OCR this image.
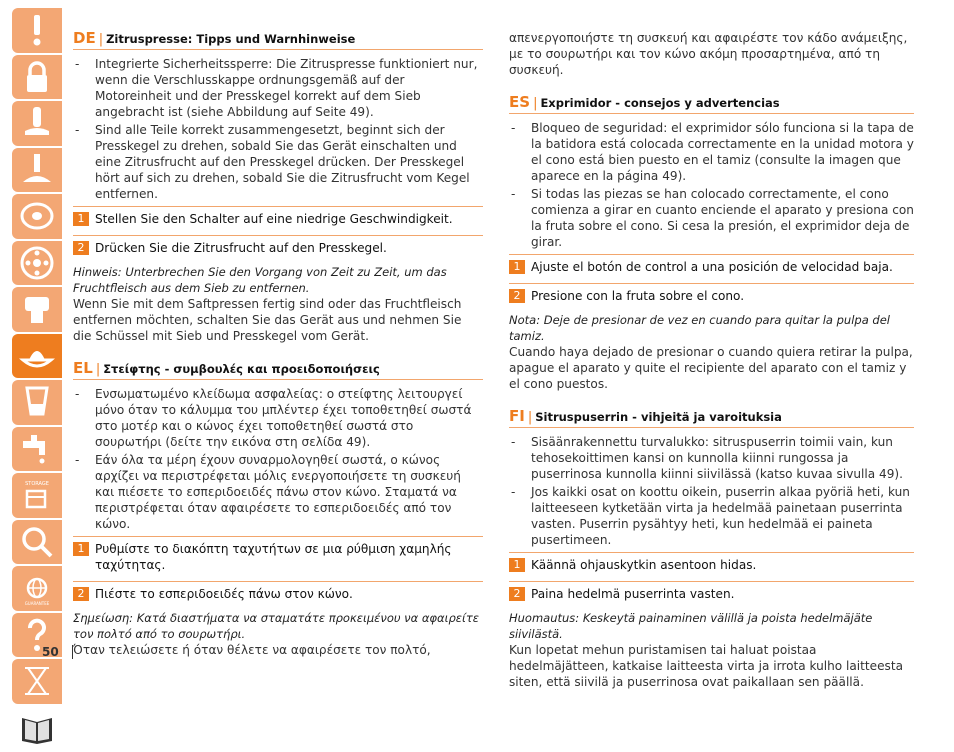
STORAGE
GUARANTEE
DE | Zitruspresse: Tipps und Warnhinweise
- Integrierte Sicherheitssperre: Die Zitruspresse funktioniert nur, wenn die Verschlusskappe ordnungsgemäß auf der Motoreinheit und der Presskegel korrekt auf dem Sieb angebracht ist (siehe Abbildung auf Seite 49).
- Sind alle Teile korrekt zusammengesetzt, beginnt sich der Presskegel zu drehen, sobald Sie das Gerät einschalten und eine Zitrusfrucht auf den Presskegel drücken. Der Presskegel hört auf sich zu drehen, sobald Sie die Zitrusfrucht vom Kegel entfernen.
1 Stellen Sie den Schalter auf eine niedrige Geschwindigkeit.
2 Drücken Sie die Zitrusfrucht auf den Presskegel.
Hinweis: Unterbrechen Sie den Vorgang von Zeit zu Zeit, um das Fruchtfleisch aus dem Sieb zu entfernen.
Wenn Sie mit dem Saftpressen fertig sind oder das Fruchtfleisch entfernen möchten, schalten Sie das Gerät aus und nehmen Sie die Schüssel mit Sieb und Presskegel vom Gerät.
EL | Στείφτης - συμβουλές και προειδοποιήσεις
- Ενσωματωμένο κλείδωμα ασφαλείας: ο στείφτης λειτουργεί μόνο όταν το κάλυμμα του μπλέντερ έχει τοποθετηθεί σωστά στο μοτέρ και ο κώνος έχει τοποθετηθεί σωστά στο σουρωτήρι (δείτε την εικόνα στη σελίδα 49).
- Εάν όλα τα μέρη έχουν συναρμολογηθεί σωστά, ο κώνος αρχίζει να περιστρέφεται μόλις ενεργοποιήσετε τη συσκευή και πιέσετε το εσπεριδοειδές πάνω στον κώνο. Σταματά να περιστρέφεται όταν αφαιρέσετε το εσπεριδοειδές από τον κώνο.
1 Ρυθμίστε το διακόπτη ταχυτήτων σε μια ρύθμιση χαμηλής ταχύτητας.
2 Πιέστε το εσπεριδοειδές πάνω στον κώνο.
Σημείωση: Κατά διαστήματα να σταματάτε προκειμένου να αφαιρείτε τον πολτό από το σουρωτήρι.
Όταν τελειώσετε ή όταν θέλετε να αφαιρέσετε τον πολτό,
απενεργοποιήστε τη συσκευή και αφαιρέστε τον κάδο ανάμειξης, με το σουρωτήρι και τον κώνο ακόμη προσαρτημένα, από τη συσκευή.
ES | Exprimidor - consejos y advertencias
- Bloqueo de seguridad: el exprimidor sólo funciona si la tapa de la batidora está colocada correctamente en la unidad motora y el cono está bien puesto en el tamiz (consulte la imagen que aparece en la página 49).
- Si todas las piezas se han colocado correctamente, el cono comienza a girar en cuanto enciende el aparato y presiona con la fruta sobre el cono. Si cesa la presión, el exprimidor deja de girar.
1 Ajuste el botón de control a una posición de velocidad baja.
2 Presione con la fruta sobre el cono.
Nota: Deje de presionar de vez en cuando para quitar la pulpa del tamiz.
Cuando haya dejado de presionar o cuando quiera retirar la pulpa, apague el aparato y quite el recipiente del aparato con el tamiz y el cono puestos.
FI | Sitruspuserrin - vihjeitä ja varoituksia
- Sisäänrakennettu turvalukko: sitruspuserrin toimii vain, kun tehosekoittimen kansi on kunnolla kiinni rungossa ja puserrinosa kunnolla kiinni siivilässä (katso kuvaa sivulla 49).
- Jos kaikki osat on koottu oikein, puserrin alkaa pyöriä heti, kun laitteeseen kytketään virta ja hedelmää painetaan puserrinta vasten. Puserrin pysähtyy heti, kun hedelmää ei paineta pusertimeen.
1 Käännä ohjauskytkin asentoon hidas.
2 Paina hedelmä puserrinta vasten.
Huomautus: Keskeytä painaminen välillä ja poista hedelmäjäte siivilästä.
Kun lopetat mehun puristamisen tai haluat poistaa hedelmäjätteen, katkaise laitteesta virta ja irrota kulho laitteesta siten, että siivilä ja puserrinosa ovat paikallaan sen päällä.
50
